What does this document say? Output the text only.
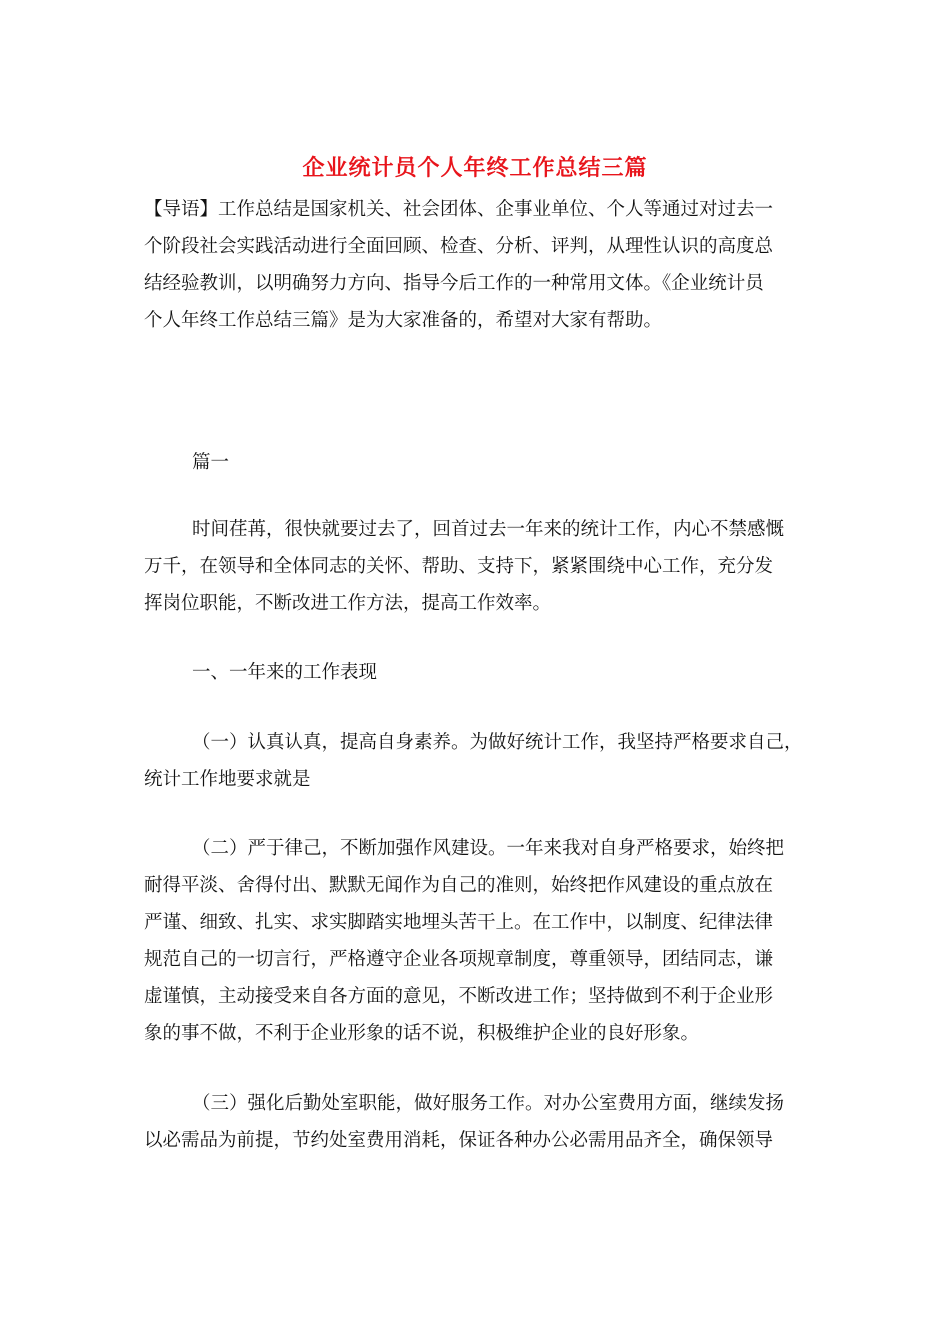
企业统计员个人年终工作总结三篇
【导语】工作总结是国家机关、社会团体、企事业单位、个人等通过对过去一
个阶段社会实践活动进行全面回顾、检查、分析、评判，从理性认识的高度总
结经验教训，以明确努力方向、指导今后工作的一种常用文体。《企业统计员
个人年终工作总结三篇》是为大家准备的，希望对大家有帮助。
篇一
时间荏苒，很快就要过去了，回首过去一年来的统计工作，内心不禁感慨
万千，在领导和全体同志的关怀、帮助、支持下，紧紧围绕中心工作，充分发
挥岗位职能，不断改进工作方法，提高工作效率。
一、一年来的工作表现
（一）认真认真，提高自身素养。为做好统计工作，我坚持严格要求自己，
统计工作地要求就是
（二）严于律己，不断加强作风建设。一年来我对自身严格要求，始终把
耐得平淡、舍得付出、默默无闻作为自己的准则，始终把作风建设的重点放在
严谨、细致、扎实、求实脚踏实地埋头苦干上。在工作中，以制度、纪律法律
规范自己的一切言行，严格遵守企业各项规章制度，尊重领导，团结同志，谦
虚谨慎，主动接受来自各方面的意见，不断改进工作；坚持做到不利于企业形
象的事不做，不利于企业形象的话不说，积极维护企业的良好形象。
（三）强化后勤处室职能，做好服务工作。对办公室费用方面，继续发扬
以必需品为前提，节约处室费用消耗，保证各种办公必需用品齐全，确保领导
